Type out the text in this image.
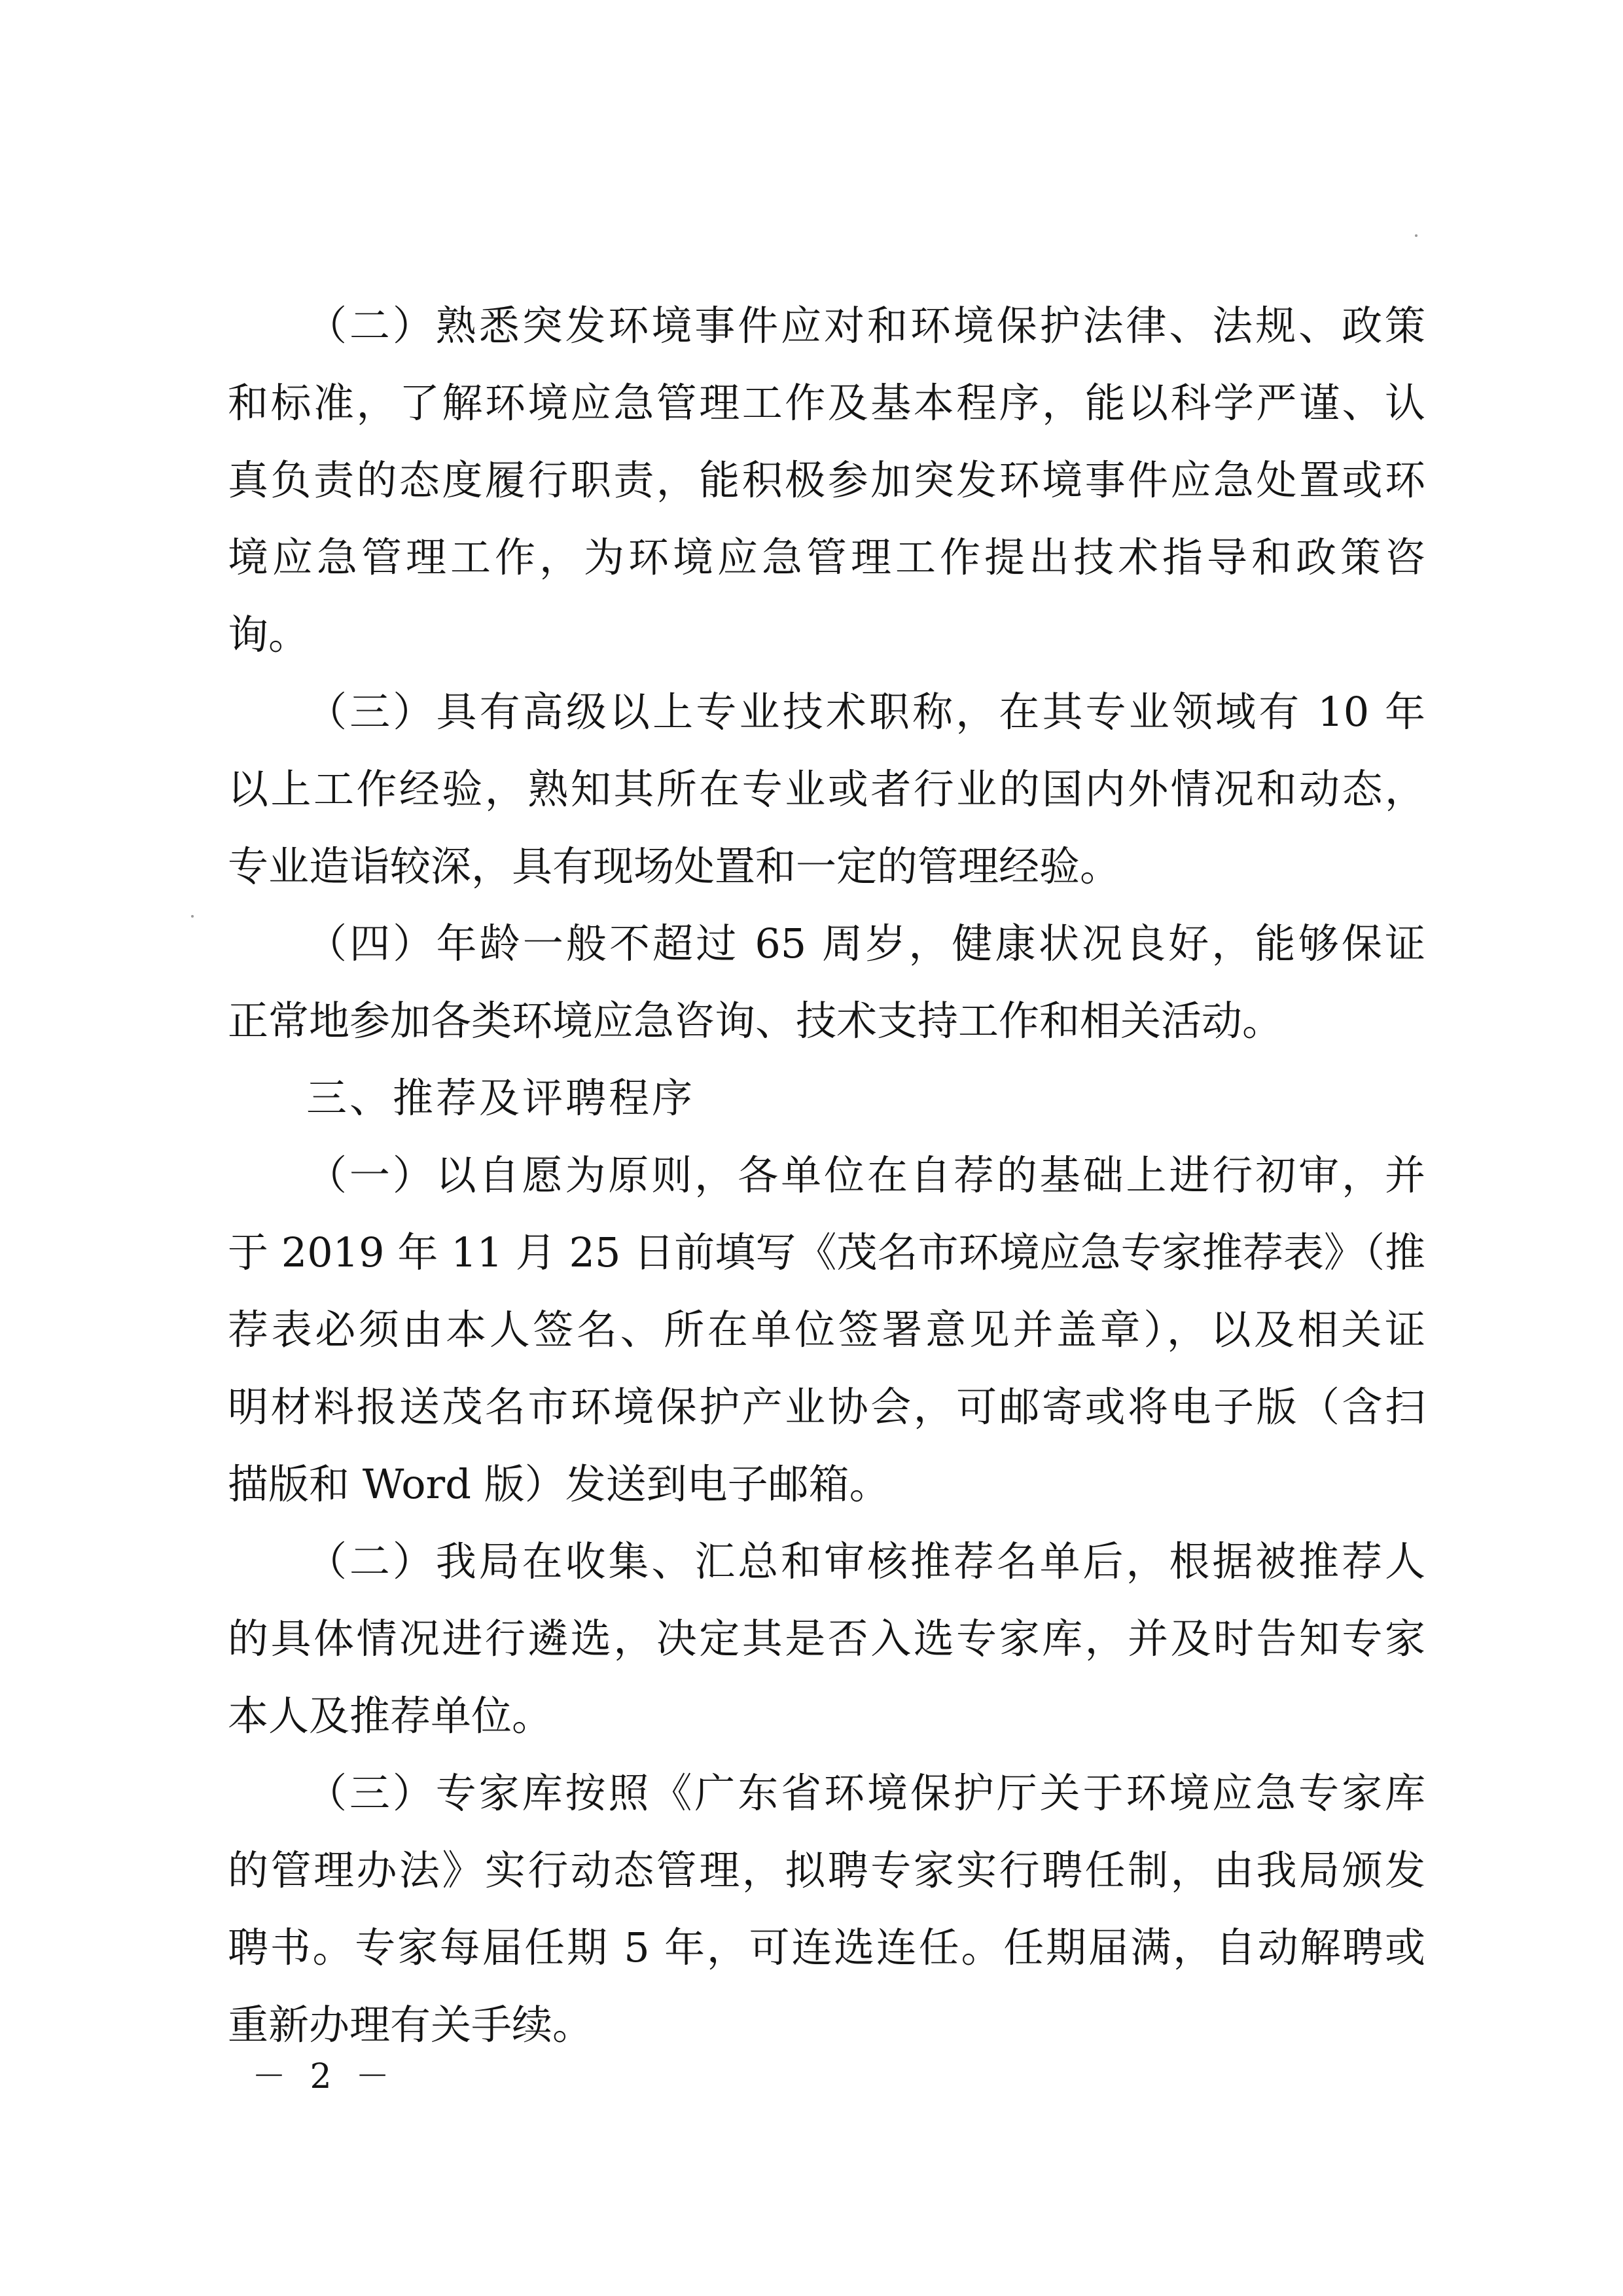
（二）熟悉突发环境事件应对和环境保护法律、法规、政策
和标准，了解环境应急管理工作及基本程序，能以科学严谨、认
真负责的态度履行职责，能积极参加突发环境事件应急处置或环
境应急管理工作，为环境应急管理工作提出技术指导和政策咨
询。
（三）具有高级以上专业技术职称，在其专业领域有 10 年
以上工作经验，熟知其所在专业或者行业的国内外情况和动态，
专业造诣较深，具有现场处置和一定的管理经验。
（四）年龄一般不超过 65 周岁，健康状况良好，能够保证
正常地参加各类环境应急咨询、技术支持工作和相关活动。
三、推荐及评聘程序
（一）以自愿为原则，各单位在自荐的基础上进行初审，并
于 2019 年 11 月 25 日前填写《茂名市环境应急专家推荐表》（推
荐表必须由本人签名、所在单位签署意见并盖章），以及相关证
明材料报送茂名市环境保护产业协会，可邮寄或将电子版（含扫
描版和 Word 版）发送到电子邮箱。
（二）我局在收集、汇总和审核推荐名单后，根据被推荐人
的具体情况进行遴选，决定其是否入选专家库，并及时告知专家
本人及推荐单位。
（三）专家库按照《广东省环境保护厅关于环境应急专家库
的管理办法》实行动态管理，拟聘专家实行聘任制，由我局颁发
聘书。专家每届任期 5 年，可连选连任。任期届满，自动解聘或
重新办理有关手续。
－ 2 －
